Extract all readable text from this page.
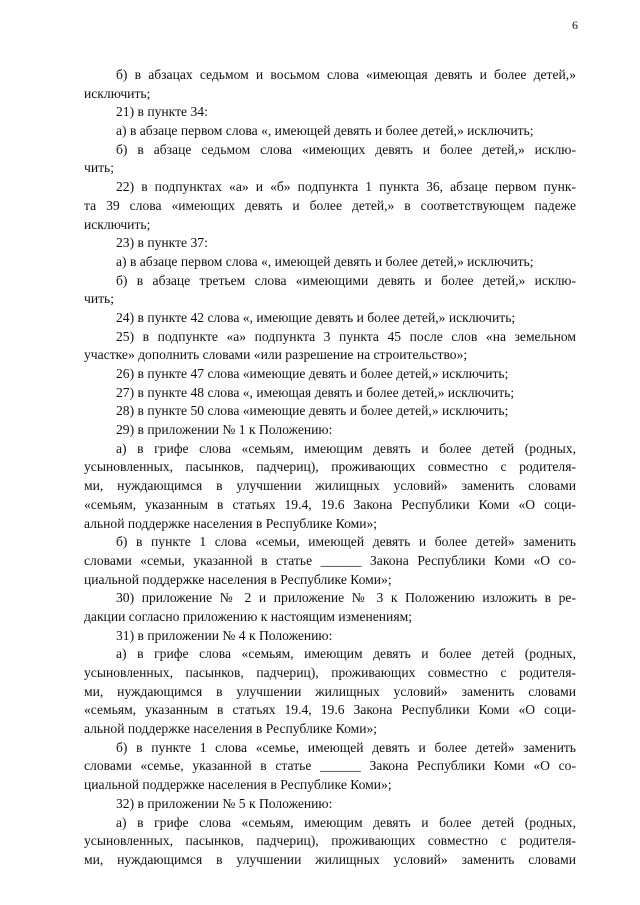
6
б) в абзацах седьмом и восьмом слова «имеющая девять и более детей,»
исключить;
21) в пункте 34:
а) в абзаце первом слова «, имеющей девять и более детей,» исключить;
б) в абзаце седьмом слова «имеющих девять и более детей,» исклю-
чить;
22) в подпунктах «а» и «б» подпункта 1 пункта 36, абзаце первом пунк-
та 39 слова «имеющих девять и более детей,» в соответствующем падеже
исключить;
23) в пункте 37:
а) в абзаце первом слова «, имеющей девять и более детей,» исключить;
б) в абзаце третьем слова «имеющими девять и более детей,» исклю-
чить;
24) в пункте 42 слова «, имеющие девять и более детей,» исключить;
25) в подпункте «а» подпункта 3 пункта 45 после слов «на земельном
участке» дополнить словами «или разрешение на строительство»;
26) в пункте 47 слова «имеющие девять и более детей,» исключить;
27) в пункте 48 слова «, имеющая девять и более детей,» исключить;
28) в пункте 50 слова «имеющие девять и более детей,» исключить;
29) в приложении № 1 к Положению:
а) в грифе слова «семьям, имеющим девять и более детей (родных,
усыновленных, пасынков, падчериц), проживающих совместно с родителя-
ми, нуждающимся в улучшении жилищных условий» заменить словами
«семьям, указанным в статьях 19.4, 19.6 Закона Республики Коми «О соци-
альной поддержке населения в Республике Коми»;
б) в пункте 1 слова «семьи, имеющей девять и более детей» заменить
словами «семьи, указанной в статье ______ Закона Республики Коми «О со-
циальной поддержке населения в Республике Коми»;
30) приложение № 2 и приложение № 3 к Положению изложить в ре-
дакции согласно приложению к настоящим изменениям;
31) в приложении № 4 к Положению:
а) в грифе слова «семьям, имеющим девять и более детей (родных,
усыновленных, пасынков, падчериц), проживающих совместно с родителя-
ми, нуждающимся в улучшении жилищных условий» заменить словами
«семьям, указанным в статьях 19.4, 19.6 Закона Республики Коми «О соци-
альной поддержке населения в Республике Коми»;
б) в пункте 1 слова «семье, имеющей девять и более детей» заменить
словами «семье, указанной в статье ______ Закона Республики Коми «О со-
циальной поддержке населения в Республике Коми»;
32) в приложении № 5 к Положению:
а) в грифе слова «семьям, имеющим девять и более детей (родных,
усыновленных, пасынков, падчериц), проживающих совместно с родителя-
ми, нуждающимся в улучшении жилищных условий» заменить словами
